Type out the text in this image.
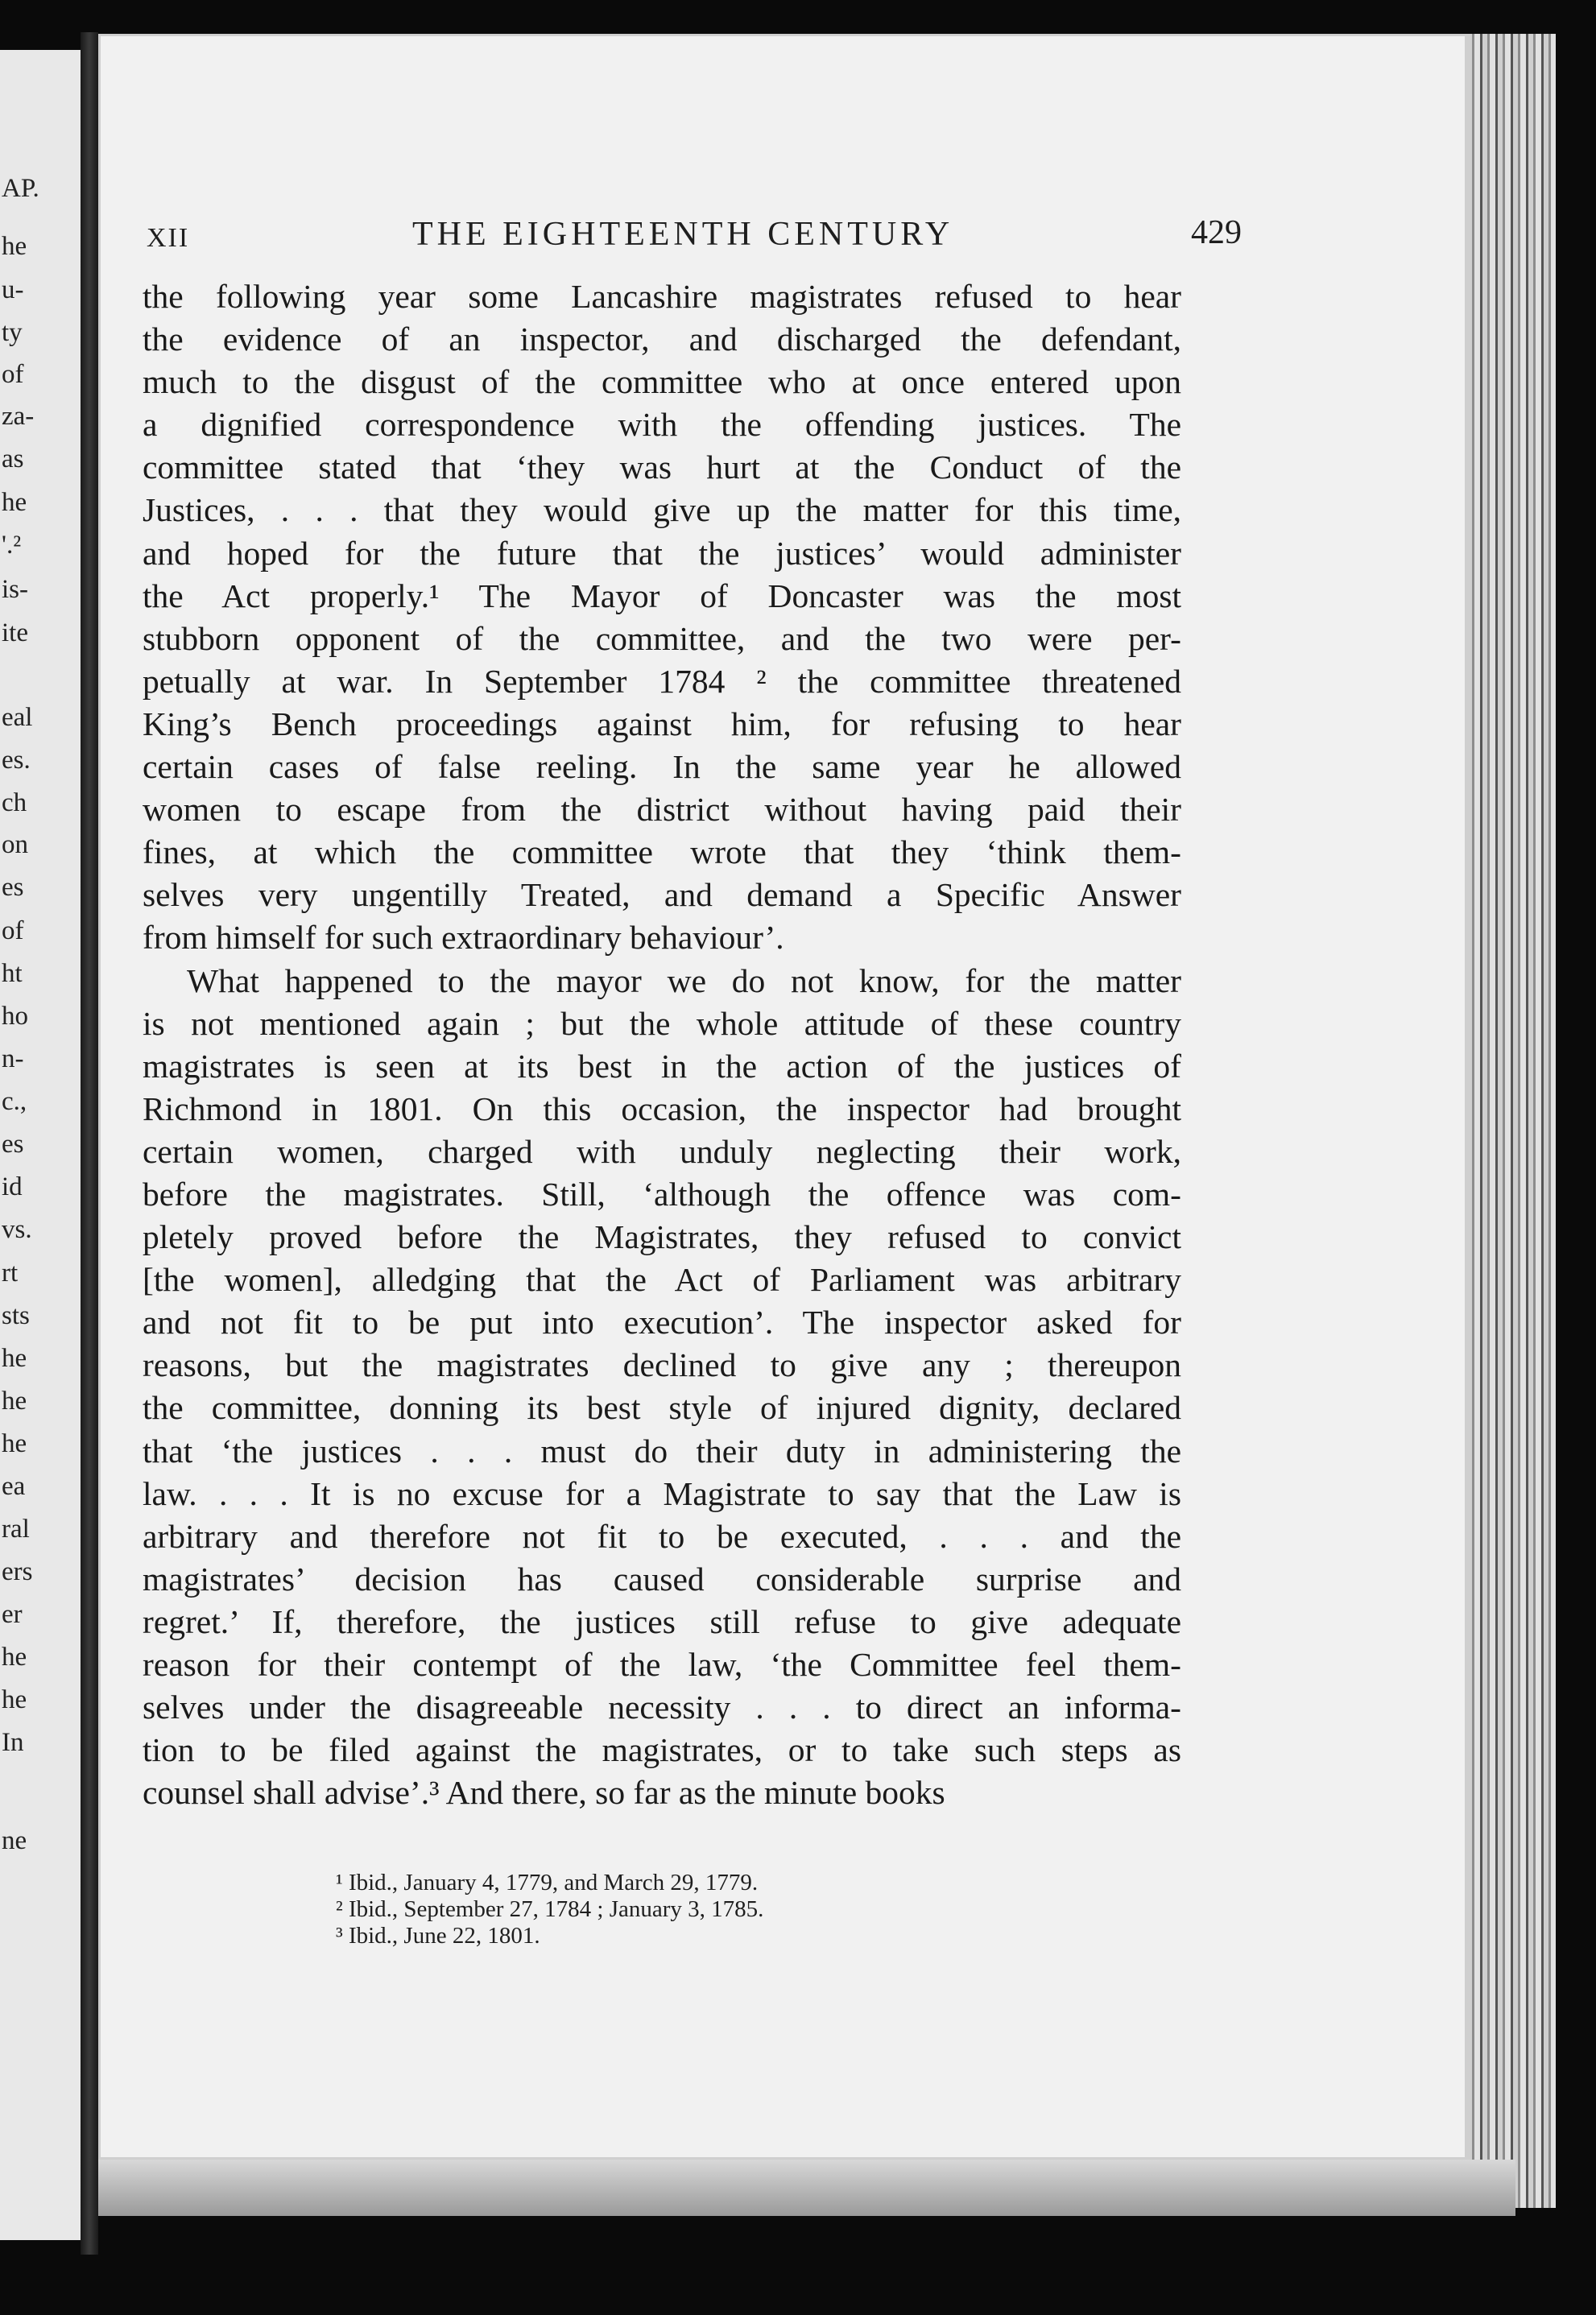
AP.
he
u-
ty
of
za-
as
he
'.²
is-
ite
eal
es.
ch
on
es
of
ht
ho
n-
c.,
es
id
vs.
rt
sts
he
he
he
ea
ral
ers
er
he
he
In
ne
XII	THE EIGHTEENTH CENTURY	429
the following year some Lancashire magistrates refused to hear
the evidence of an inspector, and discharged the defendant,
much to the disgust of the committee who at once entered upon
a dignified correspondence with the offending justices. The
committee stated that ‘they was hurt at the Conduct of the
Justices, . . . that they would give up the matter for this time,
and hoped for the future that the justices’ would administer
the Act properly.¹ The Mayor of Doncaster was the most
stubborn opponent of the committee, and the two were per-
petually at war. In September 1784 ² the committee threatened
King’s Bench proceedings against him, for refusing to hear
certain cases of false reeling. In the same year he allowed
women to escape from the district without having paid their
fines, at which the committee wrote that they ‘think them-
selves very ungentilly Treated, and demand a Specific Answer
from himself for such extraordinary behaviour’.
What happened to the mayor we do not know, for the matter
is not mentioned again ; but the whole attitude of these country
magistrates is seen at its best in the action of the justices of
Richmond in 1801. On this occasion, the inspector had brought
certain women, charged with unduly neglecting their work,
before the magistrates. Still, ‘although the offence was com-
pletely proved before the Magistrates, they refused to convict
[the women], alledging that the Act of Parliament was arbitrary
and not fit to be put into execution’. The inspector asked for
reasons, but the magistrates declined to give any ; thereupon
the committee, donning its best style of injured dignity, declared
that ‘the justices . . . must do their duty in administering the
law. . . . It is no excuse for a Magistrate to say that the Law is
arbitrary and therefore not fit to be executed, . . . and the
magistrates’ decision has caused considerable surprise and
regret.’ If, therefore, the justices still refuse to give adequate
reason for their contempt of the law, ‘the Committee feel them-
selves under the disagreeable necessity . . . to direct an informa-
tion to be filed against the magistrates, or to take such steps as
counsel shall advise’.³ And there, so far as the minute books
¹ Ibid., January 4, 1779, and March 29, 1779.
² Ibid., September 27, 1784 ; January 3, 1785.
³ Ibid., June 22, 1801.
